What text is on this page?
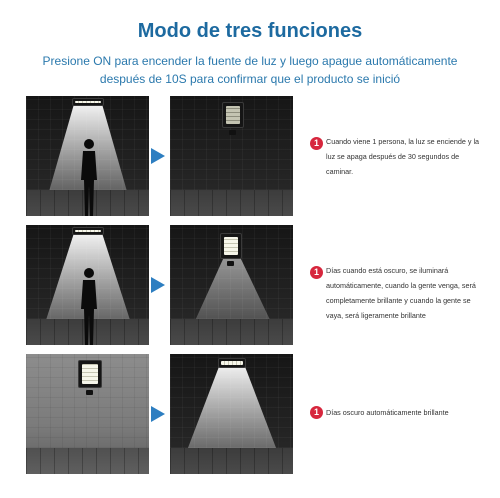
Modo de tres funciones
Presione ON para encender la fuente de luz y luego apague automáticamente después de 10S para confirmar que el producto se inició
1 Cuando viene 1 persona, la luz se enciende y la luz se apaga después de 30 segundos de caminar.
1 Días cuando está oscuro, se iluminará automáticamente, cuando la gente venga, será completamente brillante y cuando la gente se vaya, será ligeramente brillante
1 Días oscuro automáticamente brillante
